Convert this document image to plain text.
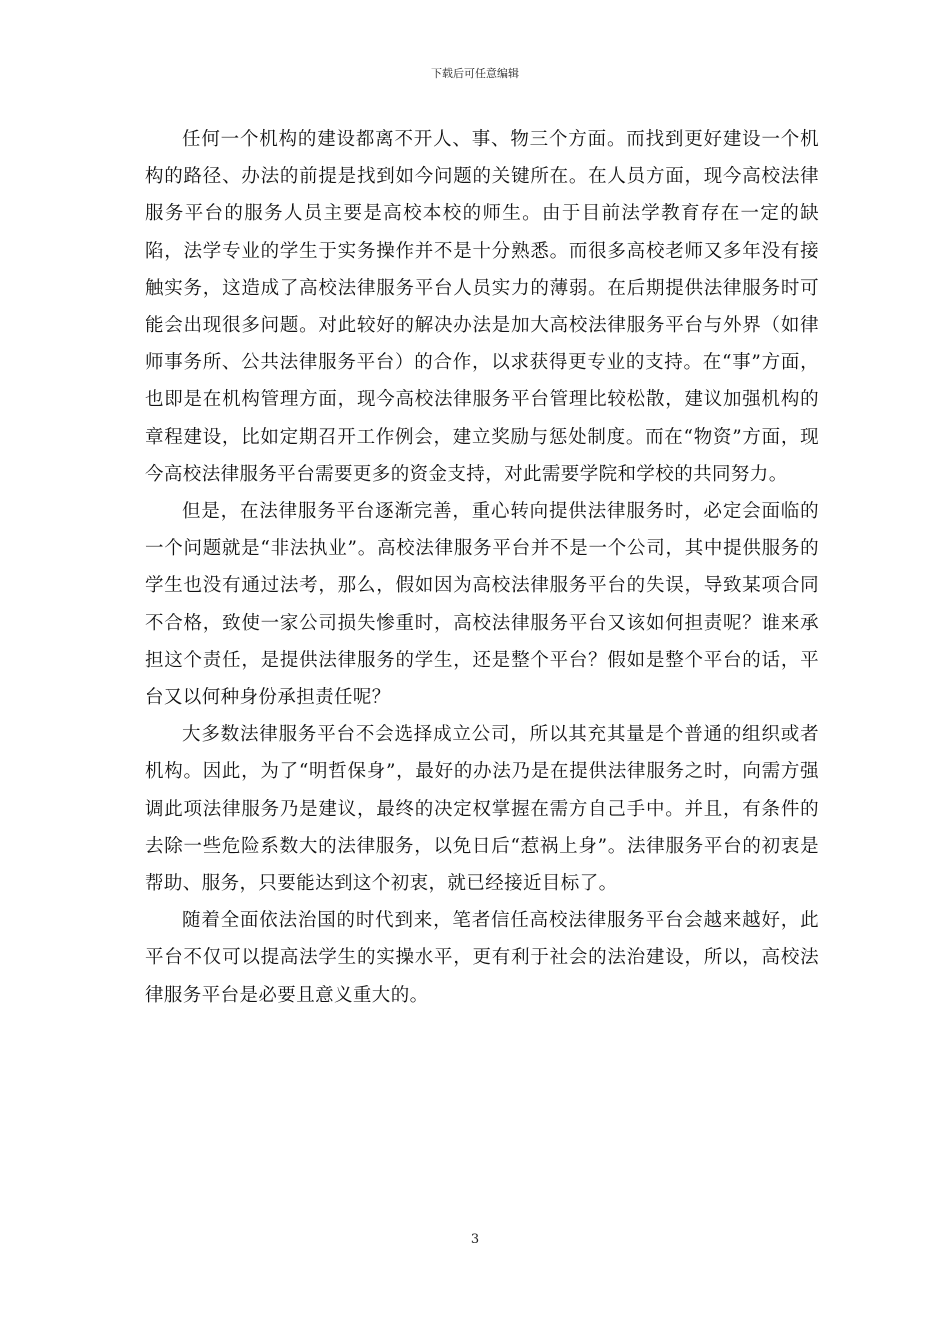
下载后可任意编辑

任何一个机构的建设都离不开人、事、物三个方面。而找到更好建设一个机构的路径、办法的前提是找到如今问题的关键所在。在人员方面，现今高校法律服务平台的服务人员主要是高校本校的师生。由于目前法学教育存在一定的缺陷，法学专业的学生于实务操作并不是十分熟悉。而很多高校老师又多年没有接触实务，这造成了高校法律服务平台人员实力的薄弱。在后期提供法律服务时可能会出现很多问题。对此较好的解决办法是加大高校法律服务平台与外界（如律师事务所、公共法律服务平台）的合作，以求获得更专业的支持。在“事”方面，也即是在机构管理方面，现今高校法律服务平台管理比较松散，建议加强机构的章程建设，比如定期召开工作例会，建立奖励与惩处制度。而在“物资”方面，现今高校法律服务平台需要更多的资金支持，对此需要学院和学校的共同努力。

但是，在法律服务平台逐渐完善，重心转向提供法律服务时，必定会面临的一个问题就是“非法执业”。高校法律服务平台并不是一个公司，其中提供服务的学生也没有通过法考，那么，假如因为高校法律服务平台的失误，导致某项合同不合格，致使一家公司损失惨重时，高校法律服务平台又该如何担责呢？谁来承担这个责任，是提供法律服务的学生，还是整个平台？假如是整个平台的话，平台又以何种身份承担责任呢？

大多数法律服务平台不会选择成立公司，所以其充其量是个普通的组织或者机构。因此，为了“明哲保身”，最好的办法乃是在提供法律服务之时，向需方强调此项法律服务乃是建议，最终的决定权掌握在需方自己手中。并且，有条件的去除一些危险系数大的法律服务，以免日后“惹祸上身”。法律服务平台的初衷是帮助、服务，只要能达到这个初衷，就已经接近目标了。

随着全面依法治国的时代到来，笔者信任高校法律服务平台会越来越好，此平台不仅可以提高法学生的实操水平，更有利于社会的法治建设，所以，高校法律服务平台是必要且意义重大的。

3
